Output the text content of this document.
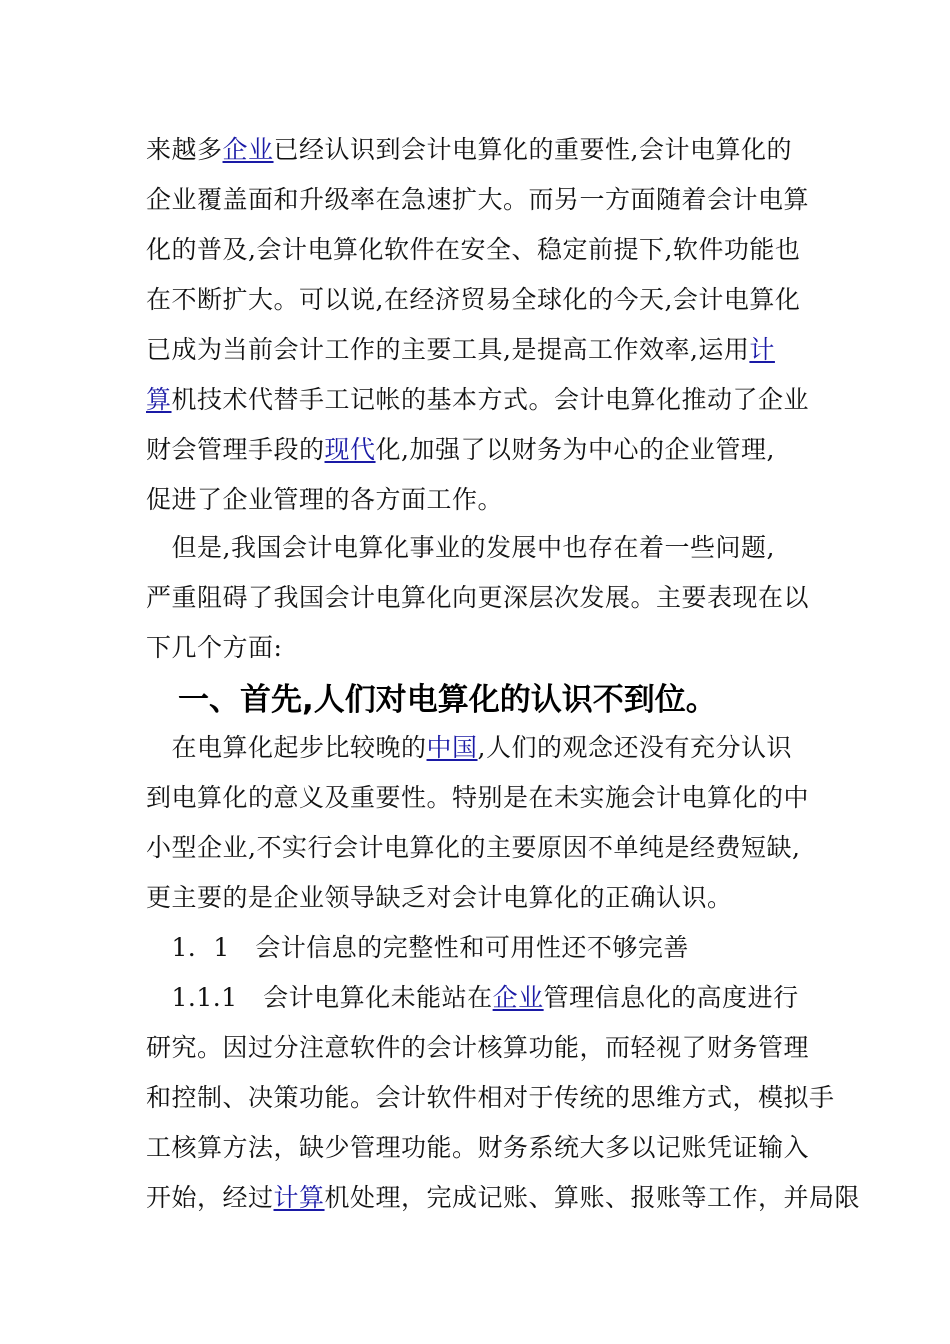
来越多企业已经认识到会计电算化的重要性,会计电算化的
企业覆盖面和升级率在急速扩大。而另一方面随着会计电算
化的普及,会计电算化软件在安全、稳定前提下,软件功能也
在不断扩大。可以说,在经济贸易全球化的今天,会计电算化
已成为当前会计工作的主要工具,是提高工作效率,运用计
算机技术代替手工记帐的基本方式。会计电算化推动了企业
财会管理手段的现代化,加强了以财务为中心的企业管理,
促进了企业管理的各方面工作。
　但是,我国会计电算化事业的发展中也存在着一些问题,
严重阻碍了我国会计电算化向更深层次发展。主要表现在以
下几个方面:
　在电算化起步比较晚的中国,人们的观念还没有充分认识
到电算化的意义及重要性。特别是在未实施会计电算化的中
小型企业,不实行会计电算化的主要原因不单纯是经费短缺,
更主要的是企业领导缺乏对会计电算化的正确认识。
　1．1　会计信息的完整性和可用性还不够完善
　1.1.1　会计电算化未能站在企业管理信息化的高度进行
研究。因过分注意软件的会计核算功能，而轻视了财务管理
和控制、决策功能。会计软件相对于传统的思维方式，模拟手
工核算方法，缺少管理功能。财务系统大多以记账凭证输入
开始，经过计算机处理，完成记账、算账、报账等工作，并局限
一、首先,人们对电算化的认识不到位。
